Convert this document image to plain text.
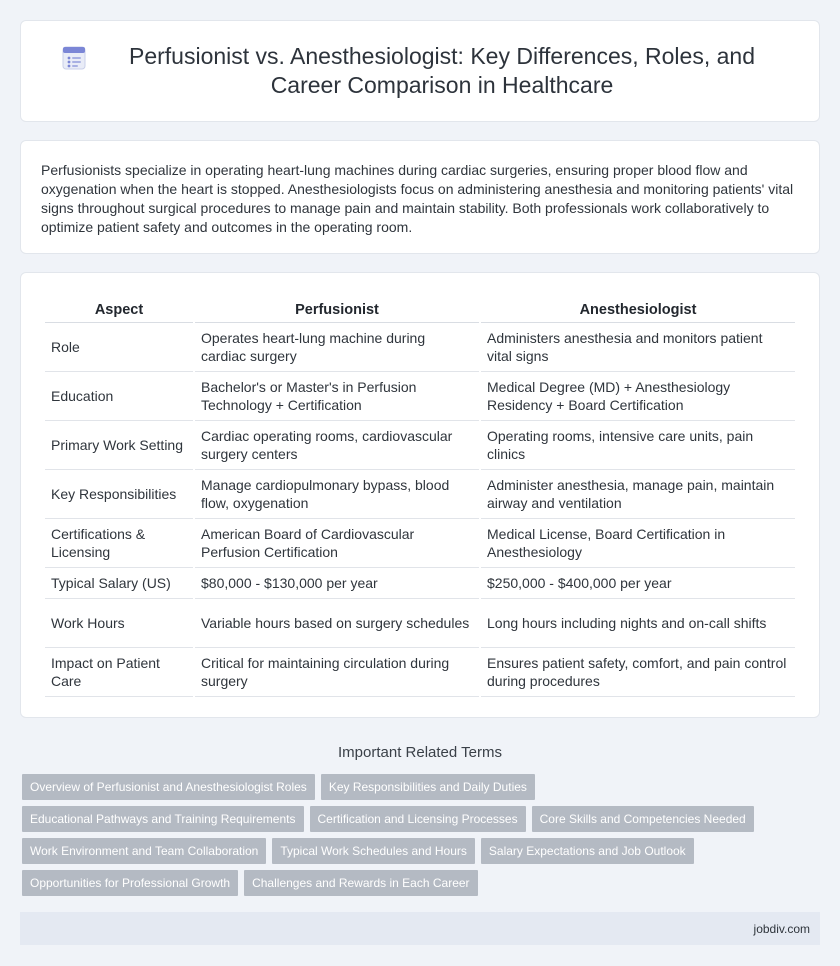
Perfusionist vs. Anesthesiologist: Key Differences, Roles, and Career Comparison in Healthcare

Perfusionists specialize in operating heart-lung machines during cardiac surgeries, ensuring proper blood flow and oxygenation when the heart is stopped. Anesthesiologists focus on administering anesthesia and monitoring patients' vital signs throughout surgical procedures to manage pain and maintain stability. Both professionals work collaboratively to optimize patient safety and outcomes in the operating room.

Aspect	Perfusionist	Anesthesiologist
Role	Operates heart-lung machine during cardiac surgery	Administers anesthesia and monitors patient vital signs
Education	Bachelor's or Master's in Perfusion Technology + Certification	Medical Degree (MD) + Anesthesiology Residency + Board Certification
Primary Work Setting	Cardiac operating rooms, cardiovascular surgery centers	Operating rooms, intensive care units, pain clinics
Key Responsibilities	Manage cardiopulmonary bypass, blood flow, oxygenation	Administer anesthesia, manage pain, maintain airway and ventilation
Certifications & Licensing	American Board of Cardiovascular Perfusion Certification	Medical License, Board Certification in Anesthesiology
Typical Salary (US)	$80,000 - $130,000 per year	$250,000 - $400,000 per year
Work Hours	Variable hours based on surgery schedules	Long hours including nights and on-call shifts
Impact on Patient Care	Critical for maintaining circulation during surgery	Ensures patient safety, comfort, and pain control during procedures
Important Related Terms
Overview of Perfusionist and Anesthesiologist Roles	Key Responsibilities and Daily Duties
Educational Pathways and Training Requirements	Certification and Licensing Processes	Core Skills and Competencies Needed
Work Environment and Team Collaboration	Typical Work Schedules and Hours	Salary Expectations and Job Outlook
Opportunities for Professional Growth	Challenges and Rewards in Each Career
jobdiv.com
